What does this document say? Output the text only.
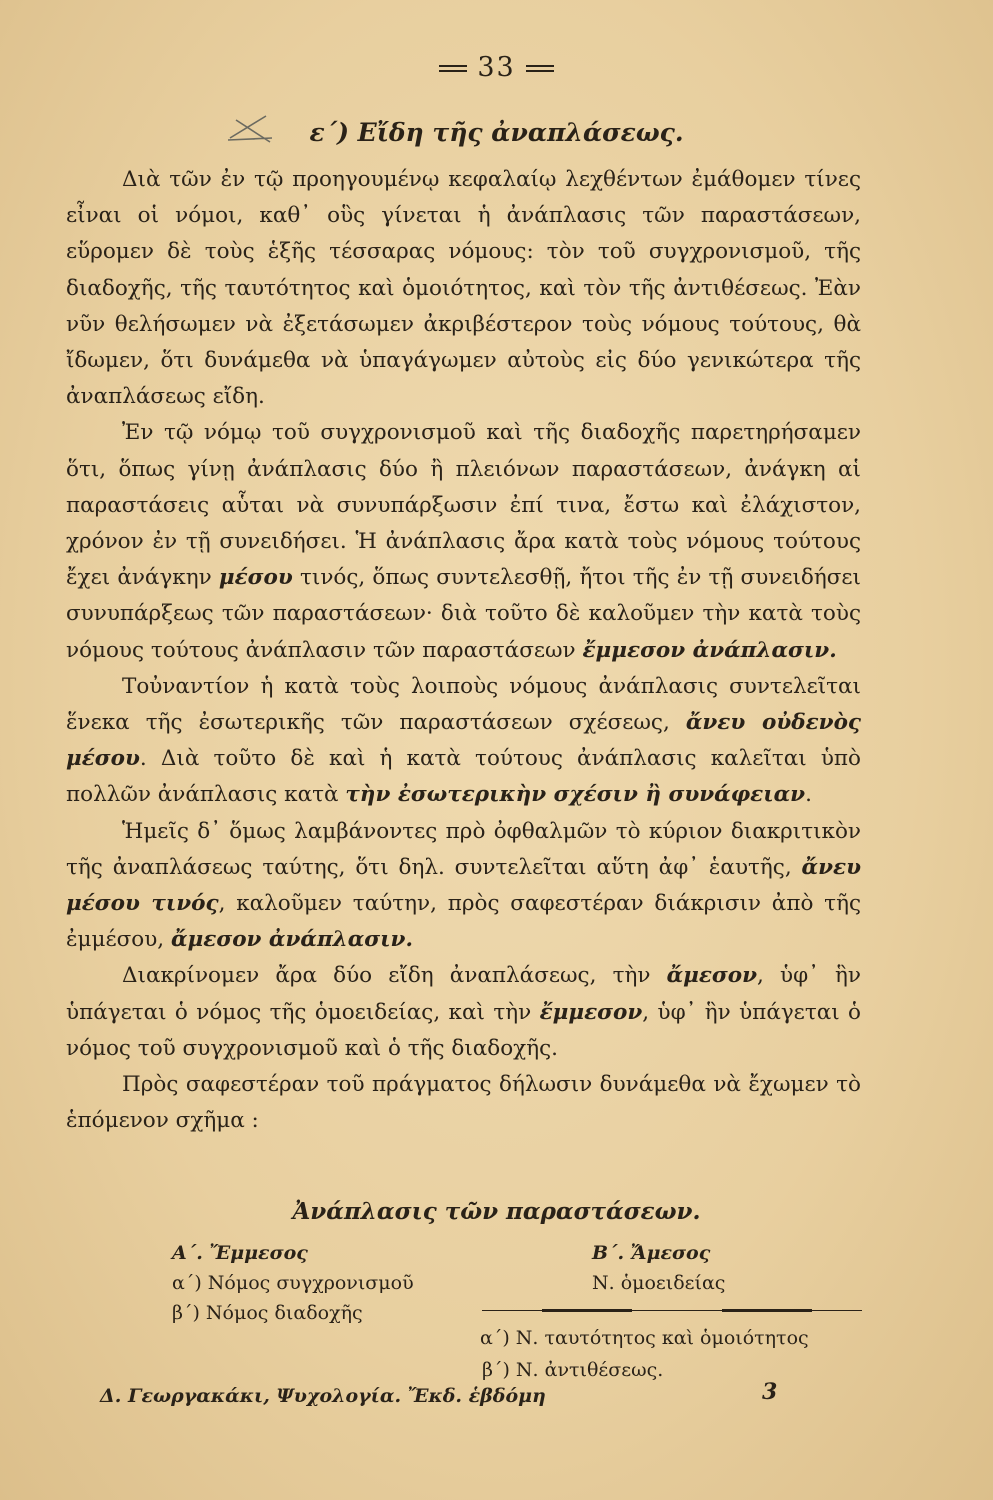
33
ε΄) Εἴδη τῆς ἀναπλάσεως.

Διὰ τῶν ἐν τῷ προηγουμένῳ κεφαλαίῳ λεχθέντων ἐμάθομεν τίνες εἶναι οἱ νόμοι, καθ᾽ οὓς γίνεται ἡ ἀνάπλασις τῶν παραστάσεων, εὕρομεν δὲ τοὺς ἑξῆς τέσσαρας νόμους: τὸν τοῦ συγχρονισμοῦ, τῆς διαδοχῆς, τῆς ταυτότητος καὶ ὁμοιότητος, καὶ τὸν τῆς ἀντιθέσεως. Ἐὰν νῦν θελήσωμεν νὰ ἐξετάσωμεν ἀκριβέστερον τοὺς νόμους τούτους, θὰ ἴδωμεν, ὅτι δυνάμεθα νὰ ὑπαγάγωμεν αὐτοὺς εἰς δύο γενικώτερα τῆς ἀναπλάσεως εἴδη.

Ἐν τῷ νόμῳ τοῦ συγχρονισμοῦ καὶ τῆς διαδοχῆς παρετηρήσαμεν ὅτι, ὅπως γίνῃ ἀνάπλασις δύο ἢ πλειόνων παραστάσεων, ἀνάγκη αἱ παραστάσεις αὗται νὰ συνυπάρξωσιν ἐπί τινα, ἔστω καὶ ἐλάχιστον, χρόνον ἐν τῇ συνειδήσει. Ἡ ἀνάπλασις ἄρα κατὰ τοὺς νόμους τούτους ἔχει ἀνάγκην μέσου τινός, ὅπως συντελεσθῇ, ἤτοι τῆς ἐν τῇ συνειδήσει συνυπάρξεως τῶν παραστάσεων· διὰ τοῦτο δὲ καλοῦμεν τὴν κατὰ τοὺς νόμους τούτους ἀνάπλασιν τῶν παραστάσεων ἔμμεσον ἀνάπλασιν.

Τοὐναντίον ἡ κατὰ τοὺς λοιποὺς νόμους ἀνάπλασις συντελεῖται ἕνεκα τῆς ἐσωτερικῆς τῶν παραστάσεων σχέσεως, ἄνευ οὐδενὸς μέσου. Διὰ τοῦτο δὲ καὶ ἡ κατὰ τούτους ἀνάπλασις καλεῖται ὑπὸ πολλῶν ἀνάπλασις κατὰ τὴν ἐσωτερικὴν σχέσιν ἢ συνάφειαν.

Ἡμεῖς δ᾽ ὅμως λαμβάνοντες πρὸ ὀφθαλμῶν τὸ κύριον διακριτικὸν τῆς ἀναπλάσεως ταύτης, ὅτι δηλ. συντελεῖται αὕτη ἀφ᾽ ἑαυτῆς, ἄνευ μέσου τινός, καλοῦμεν ταύτην, πρὸς σαφεστέραν διάκρισιν ἀπὸ τῆς ἐμμέσου, ἄμεσον ἀνάπλασιν.

Διακρίνομεν ἄρα δύο εἴδη ἀναπλάσεως, τὴν ἄμεσον, ὑφ᾽ ἣν ὑπάγεται ὁ νόμος τῆς ὁμοειδείας, καὶ τὴν ἔμμεσον, ὑφ᾽ ἣν ὑπάγεται ὁ νόμος τοῦ συγχρονισμοῦ καὶ ὁ τῆς διαδοχῆς.

Πρὸς σαφεστέραν τοῦ πράγματος δήλωσιν δυνάμεθα νὰ ἔχωμεν τὸ ἑπόμενον σχῆμα :

Ἀνάπλασις τῶν παραστάσεων.
Α΄. Ἔμμεσος
α΄) Νόμος συγχρονισμοῦ
β΄) Νόμος διαδοχῆς
Β΄. Ἄμεσος
Ν. ὁμοειδείας
α΄) Ν. ταυτότητος καὶ ὁμοιότητος
β΄) Ν. ἀντιθέσεως.
Δ. Γεωργακάκι, Ψυχολογία. Ἔκδ. ἑβδόμη	3
